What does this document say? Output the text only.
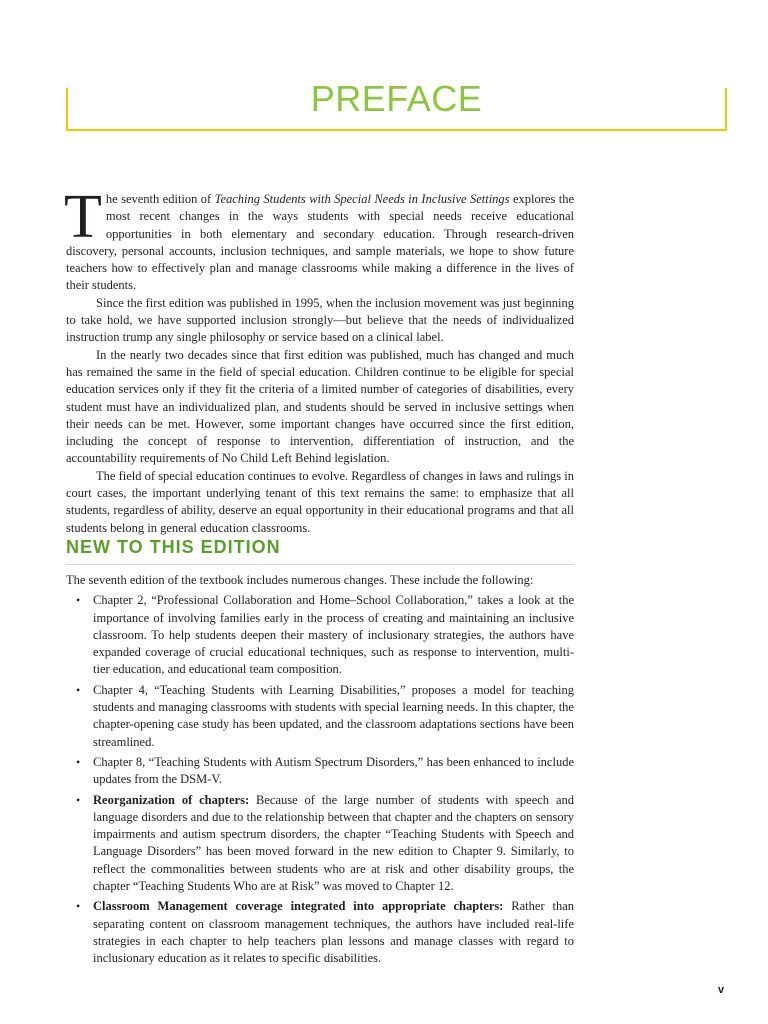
PREFACE

The seventh edition of Teaching Students with Special Needs in Inclusive Settings explores the most recent changes in the ways students with special needs receive educational opportunities in both elementary and secondary education. Through research-driven discovery, personal accounts, inclusion techniques, and sample materials, we hope to show future teachers how to effectively plan and manage classrooms while making a difference in the lives of their students.

Since the first edition was published in 1995, when the inclusion movement was just beginning to take hold, we have supported inclusion strongly—but believe that the needs of individualized instruction trump any single philosophy or service based on a clinical label.

In the nearly two decades since that first edition was published, much has changed and much has remained the same in the field of special education. Children continue to be eligible for special education services only if they fit the criteria of a limited number of categories of disabilities, every student must have an individualized plan, and students should be served in inclusive settings when their needs can be met. However, some important changes have occurred since the first edition, including the concept of response to intervention, differentiation of instruction, and the accountability requirements of No Child Left Behind legislation.

The field of special education continues to evolve. Regardless of changes in laws and rulings in court cases, the important underlying tenant of this text remains the same: to emphasize that all students, regardless of ability, deserve an equal opportunity in their educational programs and that all students belong in general education classrooms.

NEW TO THIS EDITION

The seventh edition of the textbook includes numerous changes. These include the following:

• Chapter 2, “Professional Collaboration and Home–School Collaboration,” takes a look at the importance of involving families early in the process of creating and maintaining an inclusive classroom. To help students deepen their mastery of inclusionary strategies, the authors have expanded coverage of crucial educational techniques, such as response to intervention, multi-tier education, and educational team composition.
• Chapter 4, “Teaching Students with Learning Disabilities,” proposes a model for teaching students and managing classrooms with students with special learning needs. In this chapter, the chapter-opening case study has been updated, and the classroom adaptations sections have been streamlined.
• Chapter 8, “Teaching Students with Autism Spectrum Disorders,” has been enhanced to include updates from the DSM-V.
• Reorganization of chapters: Because of the large number of students with speech and language disorders and due to the relationship between that chapter and the chapters on sensory impairments and autism spectrum disorders, the chapter “Teaching Students with Speech and Language Disorders” has been moved forward in the new edition to Chapter 9. Similarly, to reflect the commonalities between students who are at risk and other disability groups, the chapter “Teaching Students Who are at Risk” was moved to Chapter 12.
• Classroom Management coverage integrated into appropriate chapters: Rather than separating content on classroom management techniques, the authors have included real-life strategies in each chapter to help teachers plan lessons and manage classes with regard to inclusionary education as it relates to specific disabilities.
v
